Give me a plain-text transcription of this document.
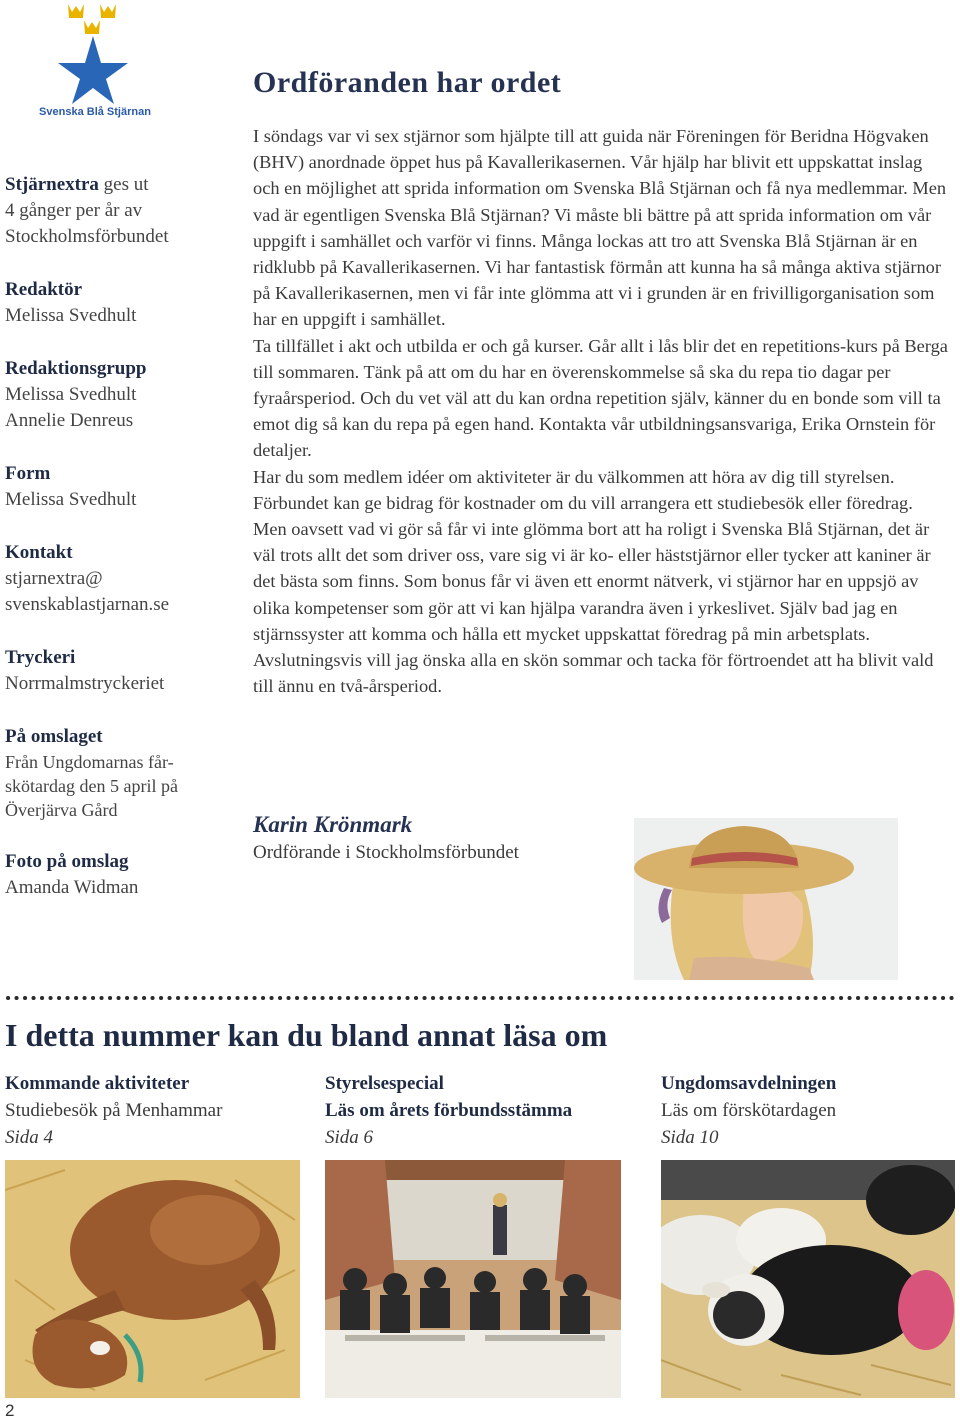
Svenska Blå Stjärnan
Stjärnextra ges ut
4 gånger per år av
Stockholmsförbundet
Redaktör
Melissa Svedhult
Redaktionsgrupp
Melissa Svedhult
Annelie Denreus
Form
Melissa Svedhult
Kontakt
stjarnextra@
svenskablastjarnan.se
Tryckeri
Norrmalmstryckeriet
På omslaget
Från Ungdomarnas får-
skötardag den 5 april på
Överjärva Gård
Foto på omslag
Amanda Widman
Ordföranden har ordet

I söndags var vi sex stjärnor som hjälpte till att guida när Föreningen för Beridna Högvaken (BHV) anordnade öppet hus på Kavallerikasernen. Vår hjälp har blivit ett uppskattat inslag och en möjlighet att sprida information om Svenska Blå Stjärnan och få nya medlemmar. Men vad är egentligen Svenska Blå Stjärnan? Vi måste bli bättre på att sprida information om vår uppgift i samhället och varför vi finns. Många lockas att tro att Svenska Blå Stjärnan är en ridklubb på Kavallerikasernen. Vi har fantastisk förmån att kunna ha så många aktiva stjärnor på Kavallerikasernen, men vi får inte glömma att vi i grunden är en frivilligorganisation som har en uppgift i samhället.

Ta tillfället i akt och utbilda er och gå kurser. Går allt i lås blir det en repetitions-kurs på Berga till sommaren. Tänk på att om du har en överenskommelse så ska du repa tio dagar per fyraårsperiod. Och du vet väl att du kan ordna repetition själv, känner du en bonde som vill ta emot dig så kan du repa på egen hand. Kontakta vår utbildningsansvariga, Erika Ornstein för detaljer.

Har du som medlem idéer om aktiviteter är du välkommen att höra av dig till styrelsen. Förbundet kan ge bidrag för kostnader om du vill arrangera ett studiebesök eller föredrag.

Men oavsett vad vi gör så får vi inte glömma bort att ha roligt i Svenska Blå Stjärnan, det är väl trots allt det som driver oss, vare sig vi är ko- eller häststjärnor eller tycker att kaniner är det bästa som finns. Som bonus får vi även ett enormt nätverk, vi stjärnor har en uppsjö av olika kompetenser som gör att vi kan hjälpa varandra även i yrkeslivet. Själv bad jag en stjärnssyster att komma och hålla ett mycket uppskattat föredrag på min arbetsplats.

Avslutningsvis vill jag önska alla en skön sommar och tacka för förtroendet att ha blivit vald till ännu en två-årsperiod.

Karin Krönmark
Ordförande i Stockholmsförbundet
I detta nummer kan du bland annat läsa om
Kommande aktiviteter
Studiebesök på Menhammar
Sida 4
Styrelsespecial
Läs om årets förbundsstämma
Sida 6
Ungdomsavdelningen
Läs om förskötardagen
Sida 10
2
